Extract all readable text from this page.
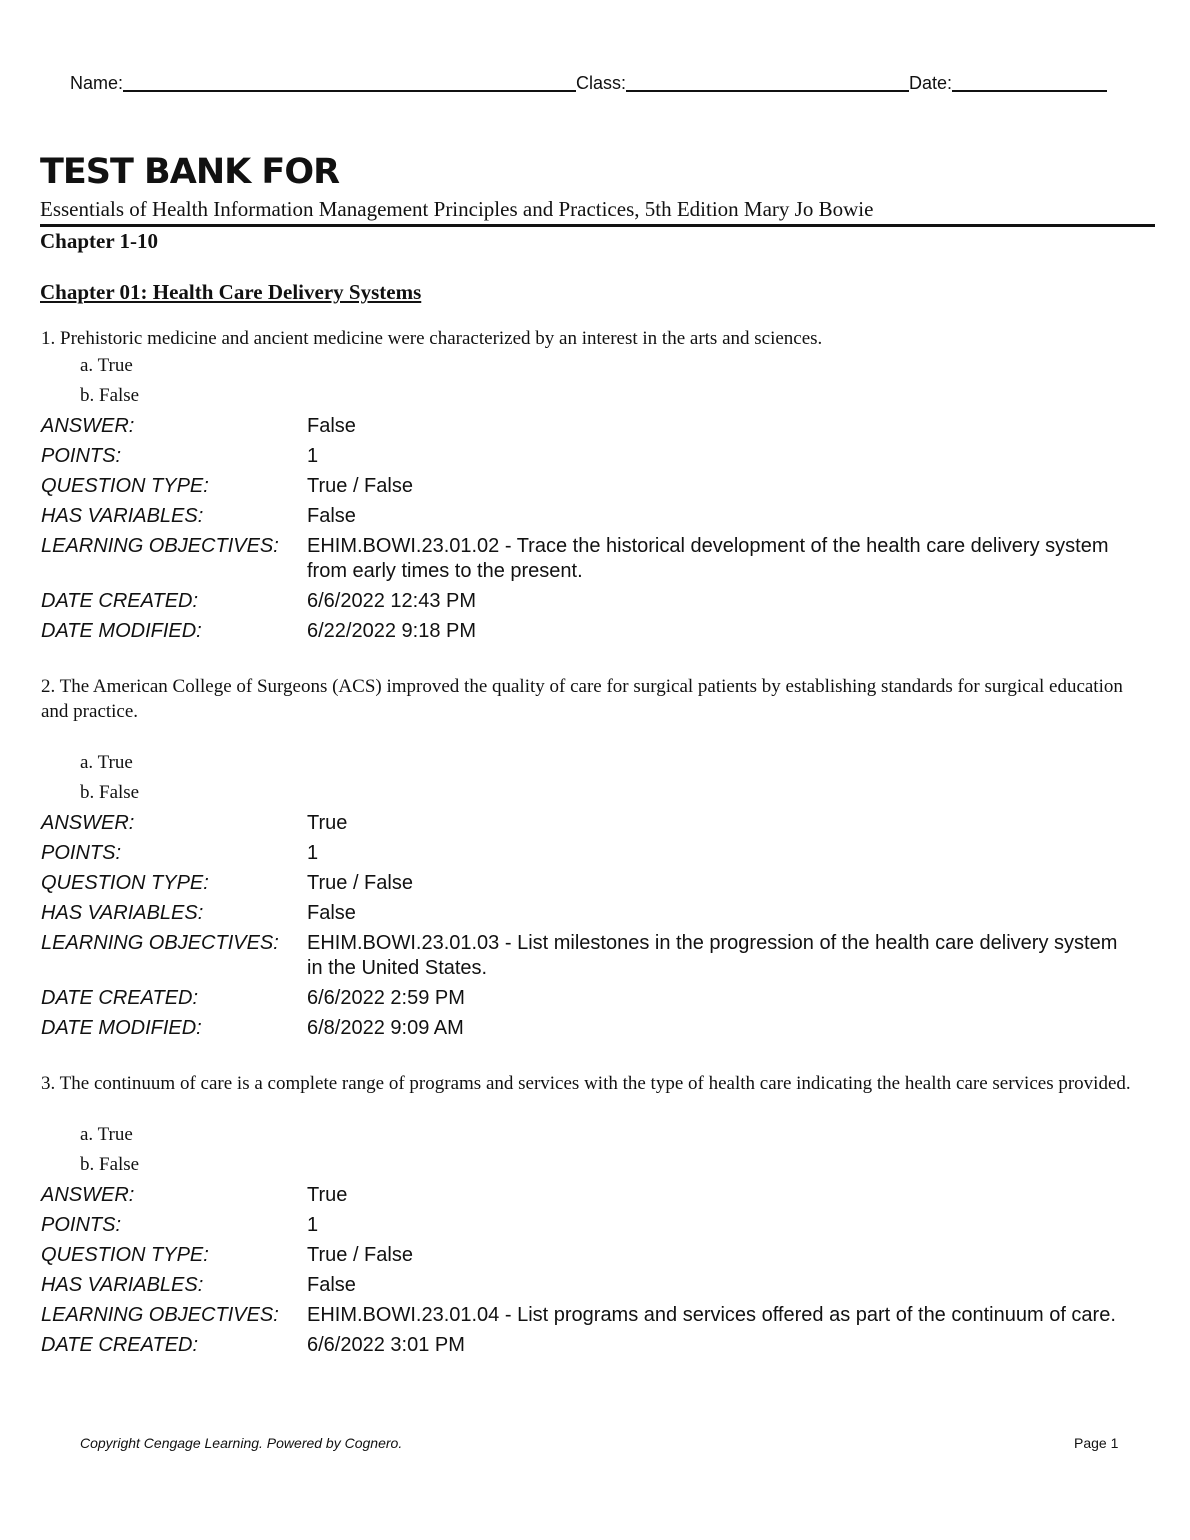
Name:	Class:	Date:
TEST BANK FOR
Essentials of Health Information Management Principles and Practices, 5th Edition Mary Jo Bowie
Chapter 1-10
Chapter 01: Health Care Delivery Systems

1. Prehistoric medicine and ancient medicine were characterized by an interest in the arts and sciences.

a. True
b. False
ANSWER:	False
POINTS:	1
QUESTION TYPE:	True / False
HAS VARIABLES:	False
LEARNING OBJECTIVES:	EHIM.BOWI.23.01.02 - Trace the historical development of the health care delivery system from early times to the present.
DATE CREATED:	6/6/2022 12:43 PM
DATE MODIFIED:	6/22/2022 9:18 PM

2. The American College of Surgeons (ACS) improved the quality of care for surgical patients by establishing standards for surgical education and practice.

a. True
b. False
ANSWER:	True
POINTS:	1
QUESTION TYPE:	True / False
HAS VARIABLES:	False
LEARNING OBJECTIVES:	EHIM.BOWI.23.01.03 - List milestones in the progression of the health care delivery system in the United States.
DATE CREATED:	6/6/2022 2:59 PM
DATE MODIFIED:	6/8/2022 9:09 AM

3. The continuum of care is a complete range of programs and services with the type of health care indicating the health care services provided.

a. True
b. False
ANSWER:	True
POINTS:	1
QUESTION TYPE:	True / False
HAS VARIABLES:	False
LEARNING OBJECTIVES:	EHIM.BOWI.23.01.04 - List programs and services offered as part of the continuum of care.
DATE CREATED:	6/6/2022 3:01 PM
Copyright Cengage Learning. Powered by Cognero.	Page 1
